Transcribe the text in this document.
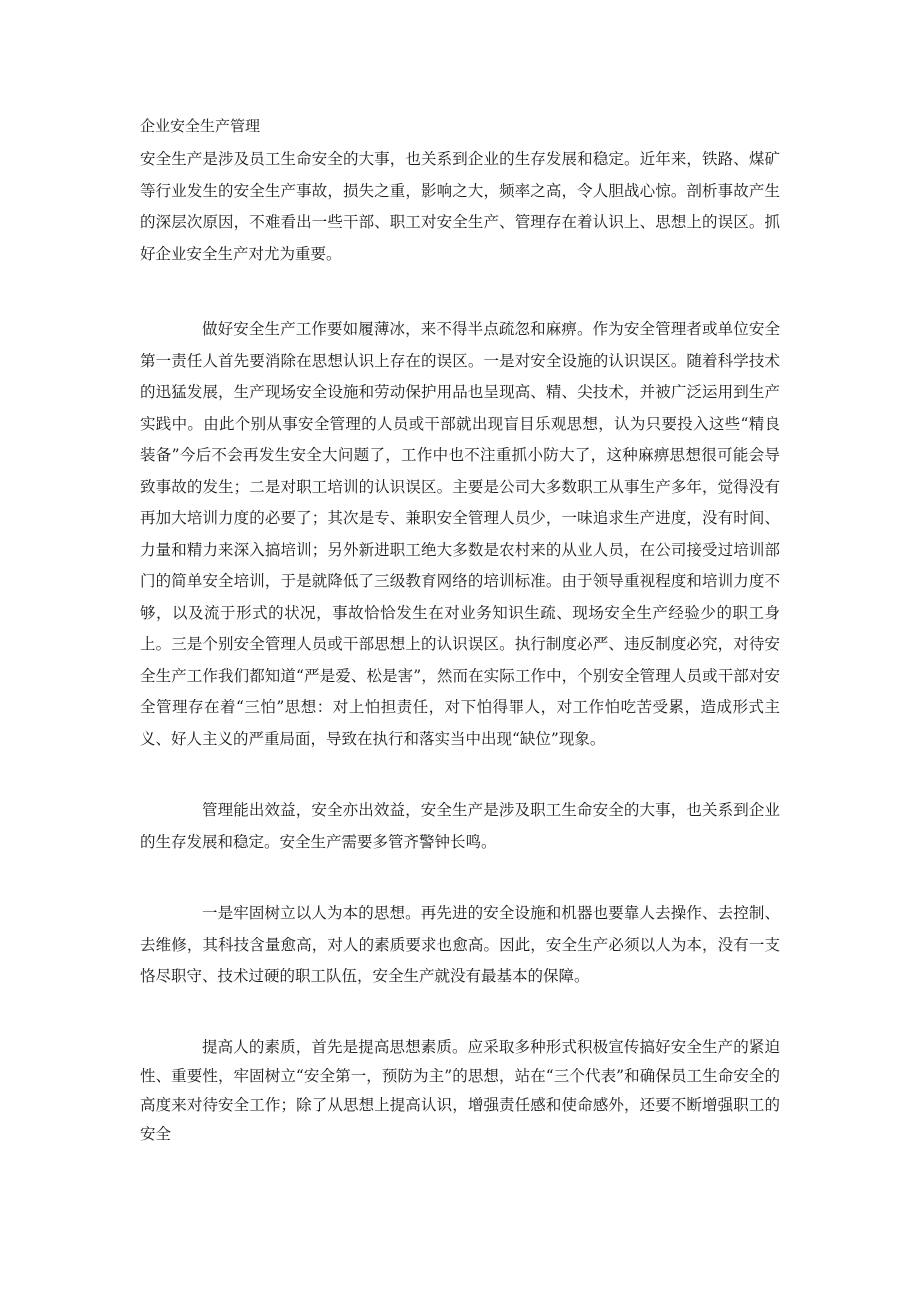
企业安全生产管理

安全生产是涉及员工生命安全的大事，也关系到企业的生存发展和稳定。近年来，铁路、煤矿等行业发生的安全生产事故，损失之重，影响之大，频率之高，令人胆战心惊。剖析事故产生的深层次原因，不难看出一些干部、职工对安全生产、管理存在着认识上、思想上的误区。抓好企业安全生产对尤为重要。

做好安全生产工作要如履薄冰，来不得半点疏忽和麻痹。作为安全管理者或单位安全第一责任人首先要消除在思想认识上存在的误区。一是对安全设施的认识误区。随着科学技术的迅猛发展，生产现场安全设施和劳动保护用品也呈现高、精、尖技术，并被广泛运用到生产实践中。由此个别从事安全管理的人员或干部就出现盲目乐观思想，认为只要投入这些“精良装备”今后不会再发生安全大问题了，工作中也不注重抓小防大了，这种麻痹思想很可能会导致事故的发生；二是对职工培训的认识误区。主要是公司大多数职工从事生产多年，觉得没有再加大培训力度的必要了；其次是专、兼职安全管理人员少，一味追求生产进度，没有时间、力量和精力来深入搞培训；另外新进职工绝大多数是农村来的从业人员，在公司接受过培训部门的简单安全培训，于是就降低了三级教育网络的培训标准。由于领导重视程度和培训力度不够，以及流于形式的状况，事故恰恰发生在对业务知识生疏、现场安全生产经验少的职工身上。三是个别安全管理人员或干部思想上的认识误区。执行制度必严、违反制度必究，对待安全生产工作我们都知道“严是爱、松是害”，然而在实际工作中，个别安全管理人员或干部对安全管理存在着“三怕”思想：对上怕担责任，对下怕得罪人，对工作怕吃苦受累，造成形式主义、好人主义的严重局面，导致在执行和落实当中出现“缺位”现象。

管理能出效益，安全亦出效益，安全生产是涉及职工生命安全的大事，也关系到企业的生存发展和稳定。安全生产需要多管齐警钟长鸣。

一是牢固树立以人为本的思想。再先进的安全设施和机器也要靠人去操作、去控制、去维修，其科技含量愈高，对人的素质要求也愈高。因此，安全生产必须以人为本，没有一支恪尽职守、技术过硬的职工队伍，安全生产就没有最基本的保障。

提高人的素质，首先是提高思想素质。应采取多种形式积极宣传搞好安全生产的紧迫性、重要性，牢固树立“安全第一，预防为主”的思想，站在“三个代表”和确保员工生命安全的高度来对待安全工作；除了从思想上提高认识，增强责任感和使命感外，还要不断增强职工的安全
